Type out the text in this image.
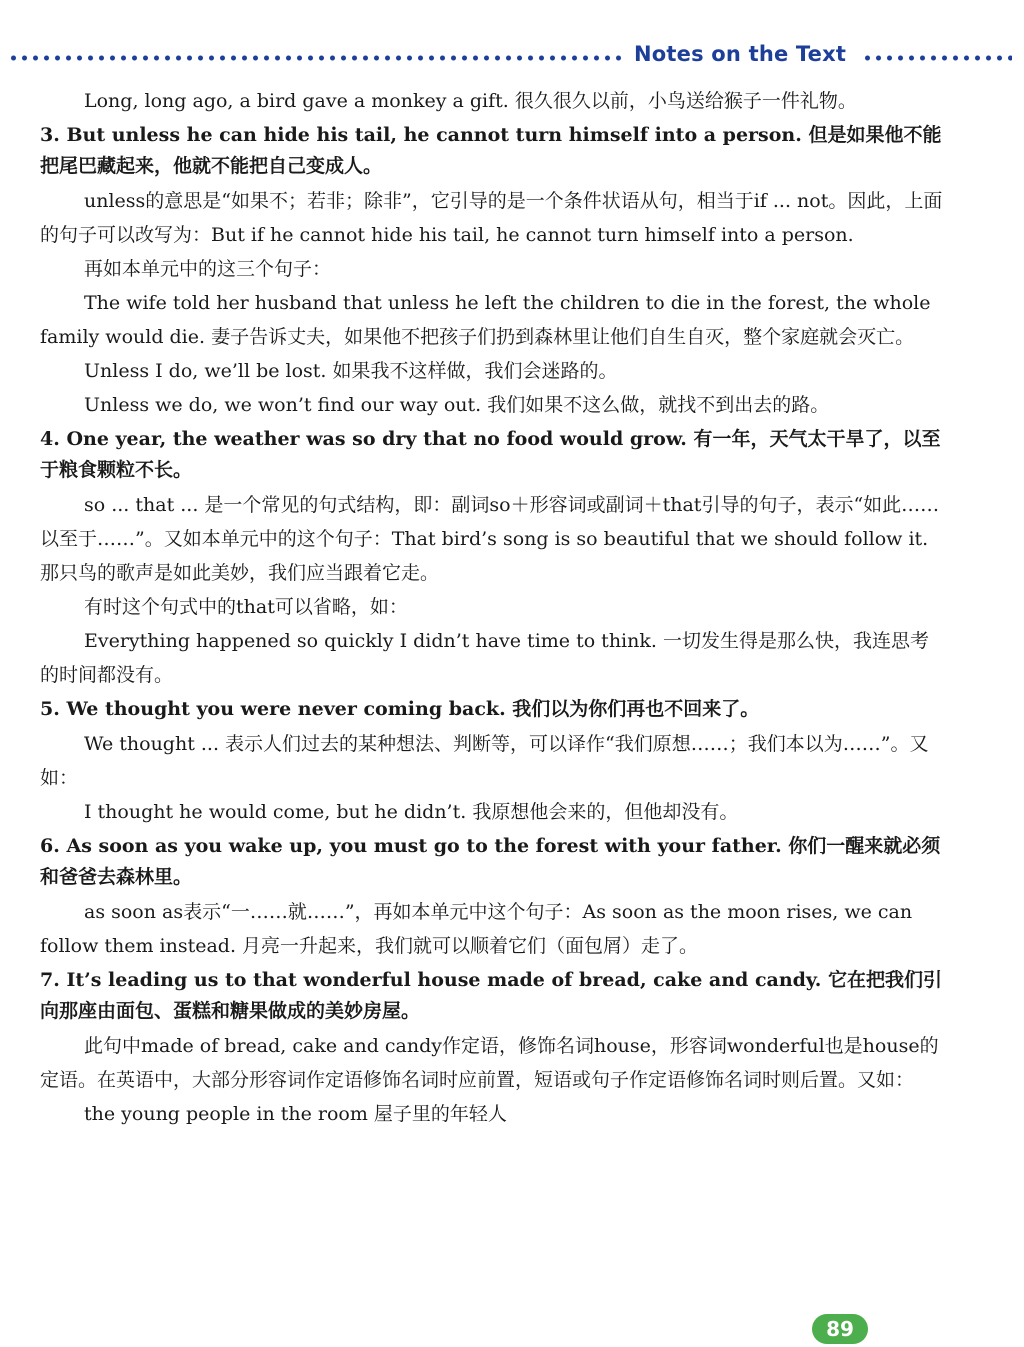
Notes on the Text

Long, long ago, a bird gave a monkey a gift. 很久很久以前，小鸟送给猴子一件礼物。

3. But unless he can hide his tail, he cannot turn himself into a person. 但是如果他不能把尾巴藏起来，他就不能把自己变成人。

unless的意思是“如果不；若非；除非”，它引导的是一个条件状语从句，相当于if ... not。因此，上面的句子可以改写为：But if he cannot hide his tail, he cannot turn himself into a person.

再如本单元中的这三个句子：

The wife told her husband that unless he left the children to die in the forest, the whole family would die. 妻子告诉丈夫，如果他不把孩子们扔到森林里让他们自生自灭，整个家庭就会灭亡。

Unless I do, we’ll be lost. 如果我不这样做，我们会迷路的。

Unless we do, we won’t find our way out. 我们如果不这么做，就找不到出去的路。

4. One year, the weather was so dry that no food would grow. 有一年，天气太干旱了，以至于粮食颗粒不长。

so ... that ... 是一个常见的句式结构，即：副词so＋形容词或副词＋that引导的句子，表示“如此……以至于……”。又如本单元中的这个句子：That bird’s song is so beautiful that we should follow it. 那只鸟的歌声是如此美妙，我们应当跟着它走。

有时这个句式中的that可以省略，如：

Everything happened so quickly I didn’t have time to think. 一切发生得是那么快，我连思考的时间都没有。

5. We thought you were never coming back. 我们以为你们再也不回来了。

We thought ... 表示人们过去的某种想法、判断等，可以译作“我们原想……；我们本以为……”。又如：

I thought he would come, but he didn’t. 我原想他会来的，但他却没有。

6. As soon as you wake up, you must go to the forest with your father. 你们一醒来就必须和爸爸去森林里。

as soon as表示“一……就……”，再如本单元中这个句子：As soon as the moon rises, we can follow them instead. 月亮一升起来，我们就可以顺着它们（面包屑）走了。

7. It’s leading us to that wonderful house made of bread, cake and candy. 它在把我们引向那座由面包、蛋糕和糖果做成的美妙房屋。

此句中made of bread, cake and candy作定语，修饰名词house，形容词wonderful也是house的定语。在英语中，大部分形容词作定语修饰名词时应前置，短语或句子作定语修饰名词时则后置。又如：

the young people in the room 屋子里的年轻人

89
